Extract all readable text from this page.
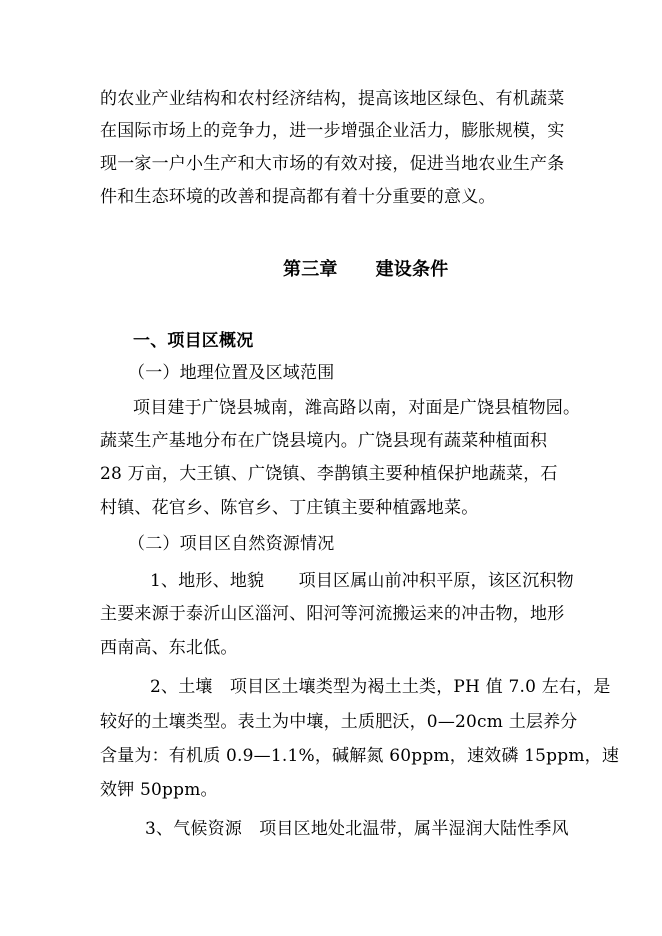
的农业产业结构和农村经济结构，提高该地区绿色、有机蔬菜
在国际市场上的竞争力，进一步增强企业活力，膨胀规模，实
现一家一户小生产和大市场的有效对接，促进当地农业生产条
件和生态环境的改善和提高都有着十分重要的意义。
第三章 建设条件
一、项目区概况
（一）地理位置及区域范围
项目建于广饶县城南，潍高路以南，对面是广饶县植物园。
蔬菜生产基地分布在广饶县境内。广饶县现有蔬菜种植面积
28 万亩，大王镇、广饶镇、李鹊镇主要种植保护地蔬菜，石
村镇、花官乡、陈官乡、丁庄镇主要种植露地菜。
（二）项目区自然资源情况
1、地形、地貌　　项目区属山前冲积平原，该区沉积物
主要来源于泰沂山区淄河、阳河等河流搬运来的冲击物，地形
西南高、东北低。
2、土壤　项目区土壤类型为褐土土类，PH 值 7.0 左右，是
较好的土壤类型。表土为中壤，土质肥沃，0—20cm 土层养分
含量为：有机质 0.9—1.1%，碱解氮 60ppm，速效磷 15ppm，速
效钾 50ppm。
3、气候资源　项目区地处北温带，属半湿润大陆性季风
